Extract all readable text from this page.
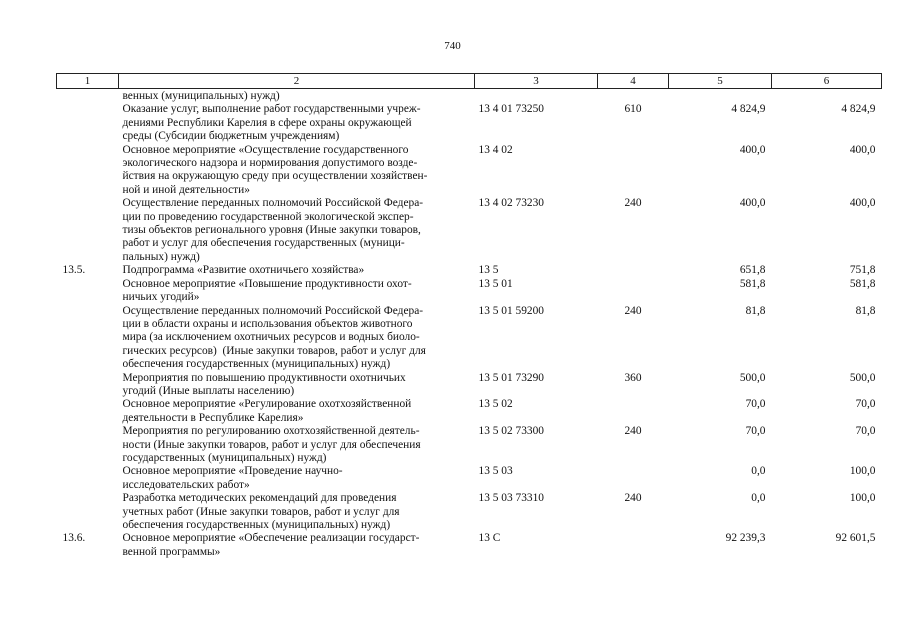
740
1	2	3	4	5	6

	венных (муниципальных) нужд)				

	Оказание услуг, выполнение работ государственными учреж-
дениями Республики Карелия в сфере охраны окружающей
среды (Субсидии бюджетным учреждениям)	13 4 01 73250	610	4 824,9	4 824,9

	Основное мероприятие «Осуществление государственного
экологического надзора и нормирования допустимого возде-
йствия на окружающую среду при осуществлении хозяйствен-
ной и иной деятельности»	13 4 02		400,0	400,0

	Осуществление переданных полномочий Российской Федера-
ции по проведению государственной экологической экспер-
тизы объектов регионального уровня (Иные закупки товаров,
работ и услуг для обеспечения государственных (муници-
пальных) нужд)	13 4 02 73230	240	400,0	400,0
13.5.	Подпрограмма «Развитие охотничьего хозяйства»	13 5		651,8	751,8

	Основное мероприятие «Повышение продуктивности охот-
ничьих угодий»	13 5 01		581,8	581,8

	Осуществление переданных полномочий Российской Федера-
ции в области охраны и использования объектов животного
мира (за исключением охотничьих ресурсов и водных биоло-
гических ресурсов)  (Иные закупки товаров, работ и услуг для
обеспечения государственных (муниципальных) нужд)	13 5 01 59200	240	81,8	81,8

	Мероприятия по повышению продуктивности охотничьих
угодий (Иные выплаты населению)	13 5 01 73290	360	500,0	500,0

	Основное мероприятие «Регулирование охотхозяйственной
деятельности в Республике Карелия»	13 5 02		70,0	70,0

	Мероприятия по регулированию охотхозяйственной деятель-
ности (Иные закупки товаров, работ и услуг для обеспечения
государственных (муниципальных) нужд)	13 5 02 73300	240	70,0	70,0

	Основное мероприятие «Проведение научно-
исследовательских работ»	13 5 03		0,0	100,0

	Разработка методических рекомендаций для проведения
учетных работ (Иные закупки товаров, работ и услуг для
обеспечения государственных (муниципальных) нужд)	13 5 03 73310	240	0,0	100,0
13.6.	Основное мероприятие «Обеспечение реализации государст-
венной программы»	13 С		92 239,3	92 601,5
